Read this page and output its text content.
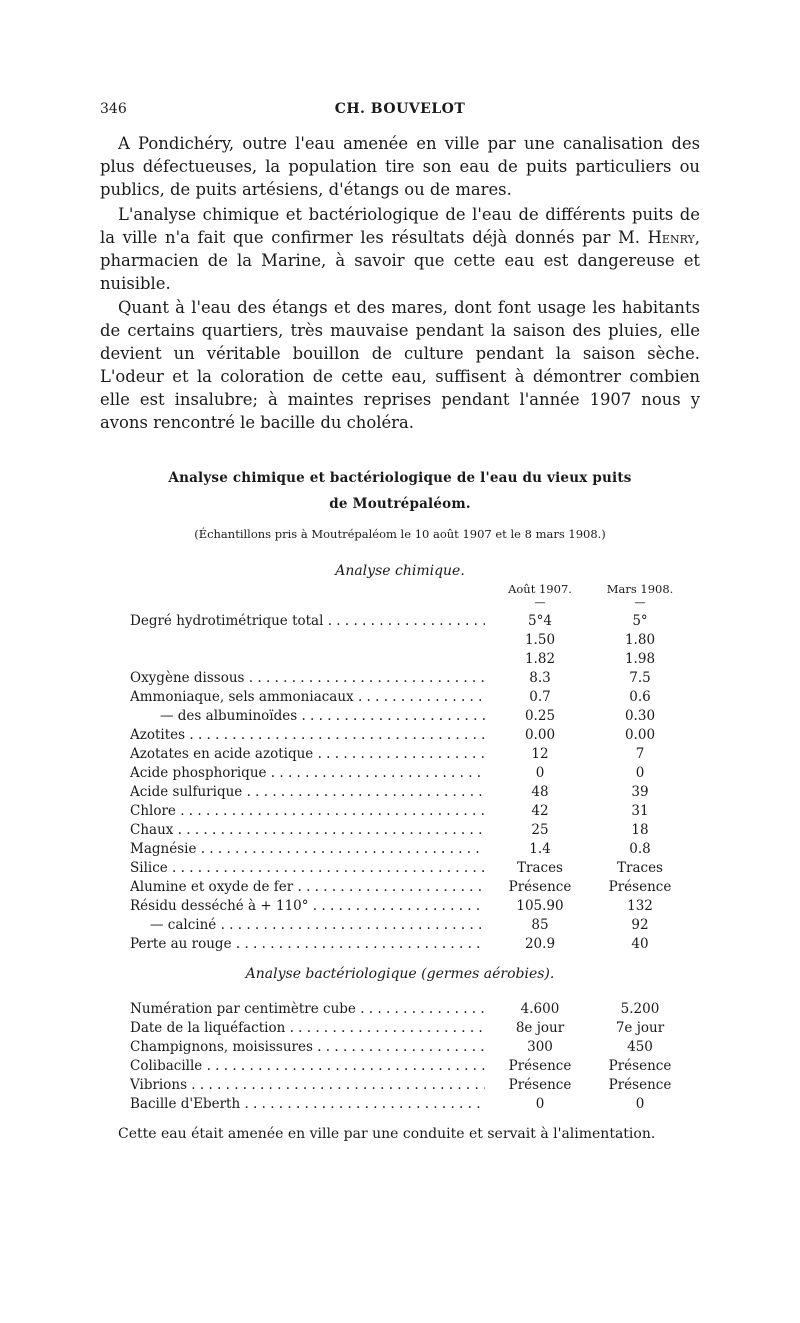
346	CH. BOUVELOT

A Pondichéry, outre l'eau amenée en ville par une canalisation des plus défectueuses, la population tire son eau de puits particuliers ou publics, de puits artésiens, d'étangs ou de mares.

L'analyse chimique et bactériologique de l'eau de différents puits de la ville n'a fait que confirmer les résultats déjà donnés par M. Henry, pharmacien de la Marine, à savoir que cette eau est dangereuse et nuisible.

Quant à l'eau des étangs et des mares, dont font usage les habitants de certains quartiers, très mauvaise pendant la saison des pluies, elle devient un véritable bouillon de culture pendant la saison sèche. L'odeur et la coloration de cette eau, suffisent à démontrer combien elle est insalubre; à maintes reprises pendant l'année 1907 nous y avons rencontré le bacille du choléra.

Analyse chimique et bactériologique de l'eau du vieux puits
de Moutrépaléom.
(Échantillons pris à Moutrépaléom le 10 août 1907 et le 8 mars 1908.)
Analyse chimique.
Août 1907.	Mars 1908.
—	—
Degré hydrotimétrique total . . .	5°4	5°
1.50	1.80
1.82	1.98
Oxygène dissous . . .	8.3	7.5
Ammoniaque, sels ammoniacaux . . .	0.7	0.6
— des albuminoïdes . . .	0.25	0.30
Azotites . . .	0.00	0.00
Azotates en acide azotique . . .	12	7
Acide phosphorique . . .	0	0
Acide sulfurique . . .	48	39
Chlore . . .	42	31
Chaux . . .	25	18
Magnésie . . .	1.4	0.8
Silice . . .	Traces	Traces
Alumine et oxyde de fer . . .	Présence	Présence
Résidu desséché à + 110° . . .	105.90	132
— calciné . . .	85	92
Perte au rouge . . .	20.9	40
Analyse bactériologique (germes aérobies).
Numération par centimètre cube . . .	4.600	5.200
Date de la liquéfaction . . .	8e jour	7e jour
Champignons, moisissures . . .	300	450
Colibacille . . .	Présence	Présence
Vibrions . . .	Présence	Présence
Bacille d'Eberth . . .	0	0
Cette eau était amenée en ville par une conduite et servait à l'alimentation.
